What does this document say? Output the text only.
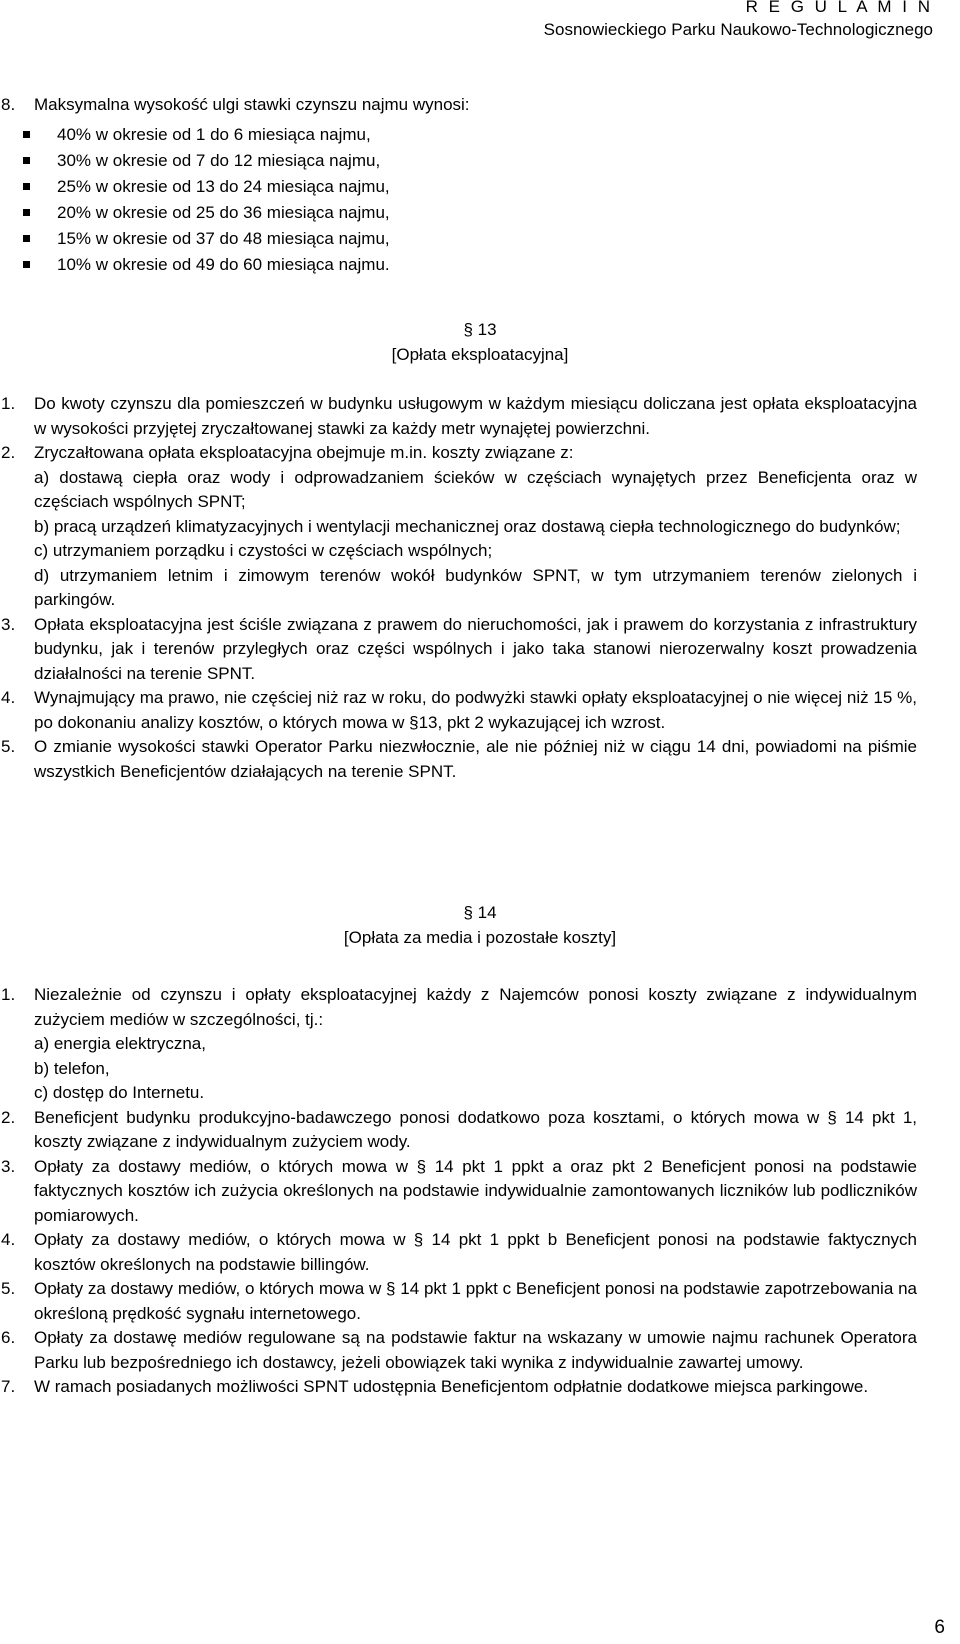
R E G U L A M I N
Sosnowieckiego Parku Naukowo-Technologicznego
8. Maksymalna wysokość ulgi stawki czynszu najmu wynosi:
40% w okresie od 1 do 6 miesiąca najmu,
30% w okresie od 7 do 12 miesiąca najmu,
25% w okresie od 13 do 24 miesiąca najmu,
20% w okresie od 25 do 36 miesiąca najmu,
15% w okresie od 37 do 48 miesiąca najmu,
10% w okresie od 49 do 60 miesiąca najmu.
§ 13
[Opłata eksploatacyjna]
1. Do kwoty czynszu dla pomieszczeń w budynku usługowym w każdym miesiącu doliczana jest opłata eksploatacyjna w wysokości przyjętej zryczałtowanej stawki za każdy metr wynajętej powierzchni.
2. Zryczałtowana opłata eksploatacyjna obejmuje m.in. koszty związane z:
a) dostawą ciepła oraz wody i odprowadzaniem ścieków w częściach wynajętych przez Beneficjenta oraz w częściach wspólnych SPNT;
b) pracą urządzeń klimatyzacyjnych i wentylacji mechanicznej oraz dostawą ciepła technologicznego do budynków;
c) utrzymaniem porządku i czystości w częściach wspólnych;
d) utrzymaniem letnim i zimowym terenów wokół budynków SPNT, w tym utrzymaniem terenów zielonych i parkingów.
3. Opłata eksploatacyjna jest ściśle związana z prawem do nieruchomości, jak i prawem do korzystania z infrastruktury budynku, jak i terenów przyległych oraz części wspólnych i jako taka stanowi nierozerwalny koszt prowadzenia działalności na terenie SPNT.
4. Wynajmujący ma prawo, nie częściej niż raz w roku, do podwyżki stawki opłaty eksploatacyjnej o nie więcej niż 15 %, po dokonaniu analizy kosztów, o których mowa w §13, pkt 2 wykazującej ich wzrost.
5. O zmianie wysokości stawki Operator Parku niezwłocznie, ale nie później niż w ciągu 14 dni, powiadomi na piśmie wszystkich Beneficjentów działających na terenie SPNT.
§ 14
[Opłata za media i pozostałe koszty]
1. Niezależnie od czynszu i opłaty eksploatacyjnej każdy z Najemców ponosi koszty związane z indywidualnym zużyciem mediów w szczególności, tj.:
a) energia elektryczna,
b) telefon,
c) dostęp do Internetu.
2. Beneficjent budynku produkcyjno-badawczego ponosi dodatkowo poza kosztami, o których mowa w § 14 pkt 1, koszty związane z indywidualnym zużyciem wody.
3. Opłaty za dostawy mediów, o których mowa w § 14 pkt 1 ppkt a oraz pkt 2 Beneficjent ponosi na podstawie faktycznych kosztów ich zużycia określonych na podstawie indywidualnie zamontowanych liczników lub podliczników pomiarowych.
4. Opłaty za dostawy mediów, o których mowa w § 14 pkt 1 ppkt b Beneficjent ponosi na podstawie faktycznych kosztów określonych na podstawie billingów.
5. Opłaty za dostawy mediów, o których mowa w § 14 pkt 1 ppkt c Beneficjent ponosi na podstawie zapotrzebowania na określoną prędkość sygnału internetowego.
6. Opłaty za dostawę mediów regulowane są na podstawie faktur na wskazany w umowie najmu rachunek Operatora Parku lub bezpośredniego ich dostawcy, jeżeli obowiązek taki wynika z indywidualnie zawartej umowy.
7. W ramach posiadanych możliwości SPNT udostępnia Beneficjentom odpłatnie dodatkowe miejsca parkingowe.
6
